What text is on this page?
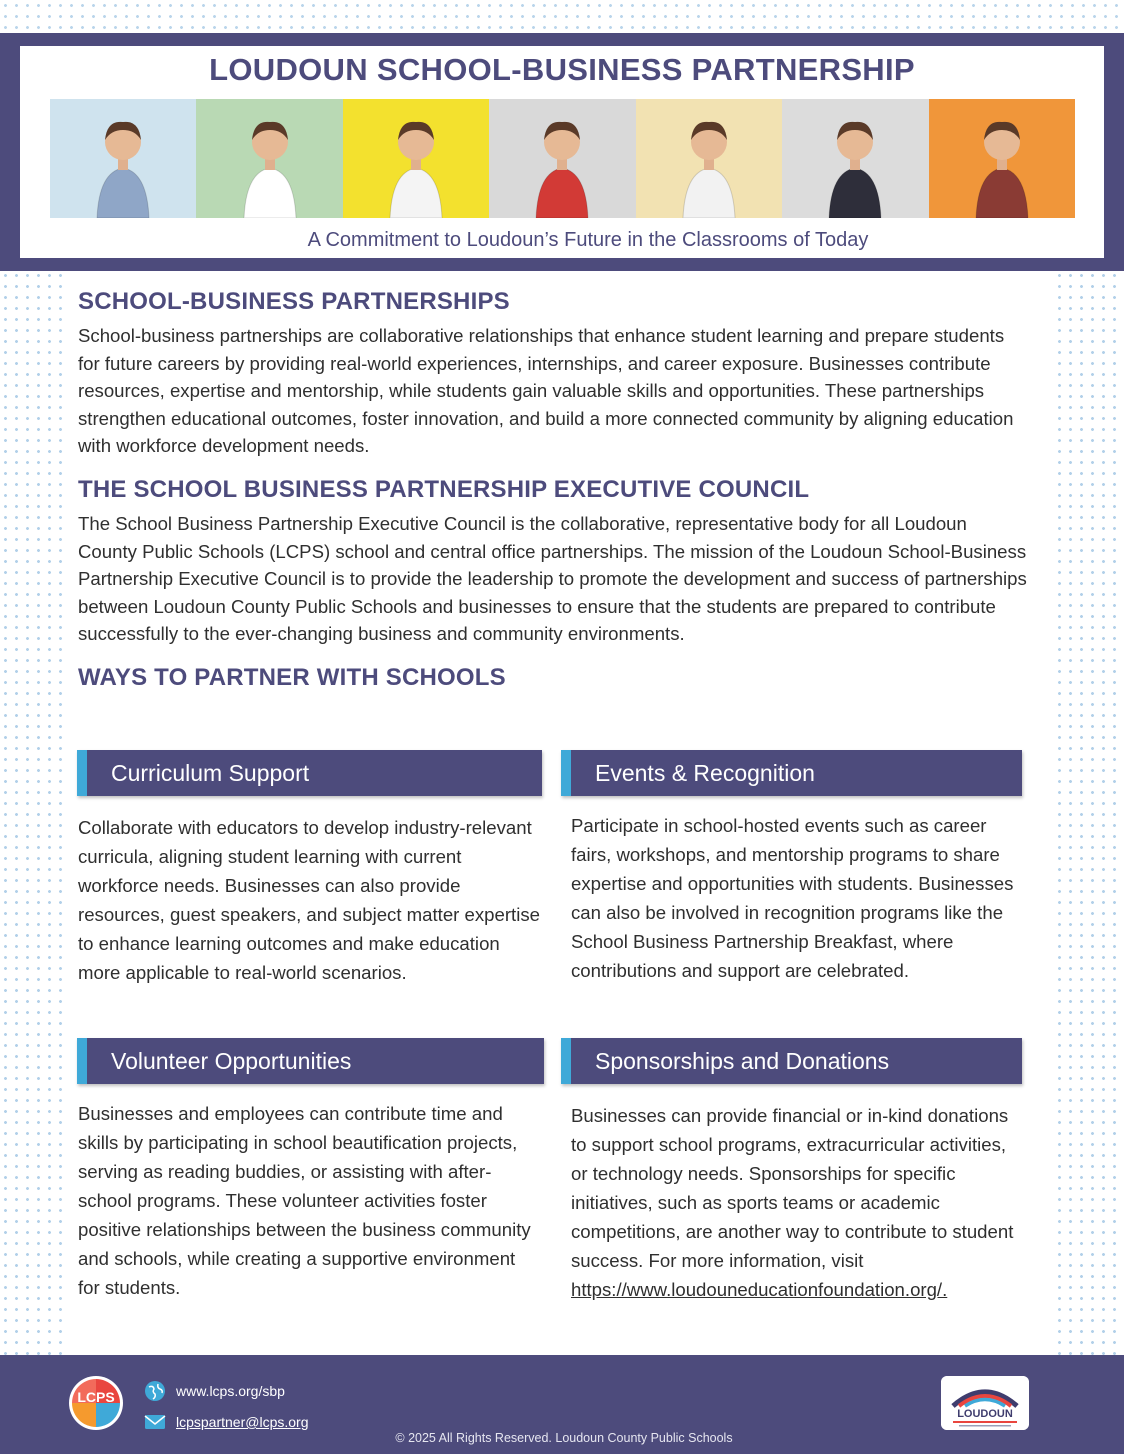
LOUDOUN SCHOOL-BUSINESS PARTNERSHIP
A Commitment to Loudoun’s Future in the Classrooms of Today
SCHOOL-BUSINESS PARTNERSHIPS

School-business partnerships are collaborative relationships that enhance student learning and prepare students for future careers by providing real-world experiences, internships, and career exposure. Businesses contribute resources, expertise and mentorship, while students gain valuable skills and opportunities. These partnerships strengthen educational outcomes, foster innovation, and build a more connected community by aligning education with workforce development needs.

THE SCHOOL BUSINESS PARTNERSHIP EXECUTIVE COUNCIL

The School Business Partnership Executive Council is the collaborative, representative body for all Loudoun County Public Schools (LCPS) school and central office partnerships. The mission of the Loudoun School-Business Partnership Executive Council is to provide the leadership to promote the development and success of partnerships between Loudoun County Public Schools and businesses to ensure that the students are prepared to contribute successfully to the ever-changing business and community environments.

WAYS TO PARTNER WITH SCHOOLS
Curriculum Support
Collaborate with educators to develop industry-relevant curricula, aligning student learning with current workforce needs. Businesses can also provide resources, guest speakers, and subject matter expertise to enhance learning outcomes and make education more applicable to real-world scenarios.
Events & Recognition
Participate in school-hosted events such as career fairs, workshops, and mentorship programs to share expertise and opportunities with students. Businesses can also be involved in recognition programs like the School Business Partnership Breakfast, where contributions and support are celebrated.
Volunteer Opportunities
Businesses and employees can contribute time and skills by participating in school beautification projects, serving as reading buddies, or assisting with after-school programs. These volunteer activities foster positive relationships between the business community and schools, while creating a supportive environment for students.
Sponsorships and Donations
Businesses can provide financial or in-kind donations to support school programs, extracurricular activities, or technology needs. Sponsorships for specific initiatives, such as sports teams or academic competitions, are another way to contribute to student success. For more information, visit https://www.loudouneducationfoundation.org/.
LCPS	www.lcps.org/sbp
lcpspartner@lcps.org
© 2025 All Rights Reserved. Loudoun County Public Schools
LOUDOUN
